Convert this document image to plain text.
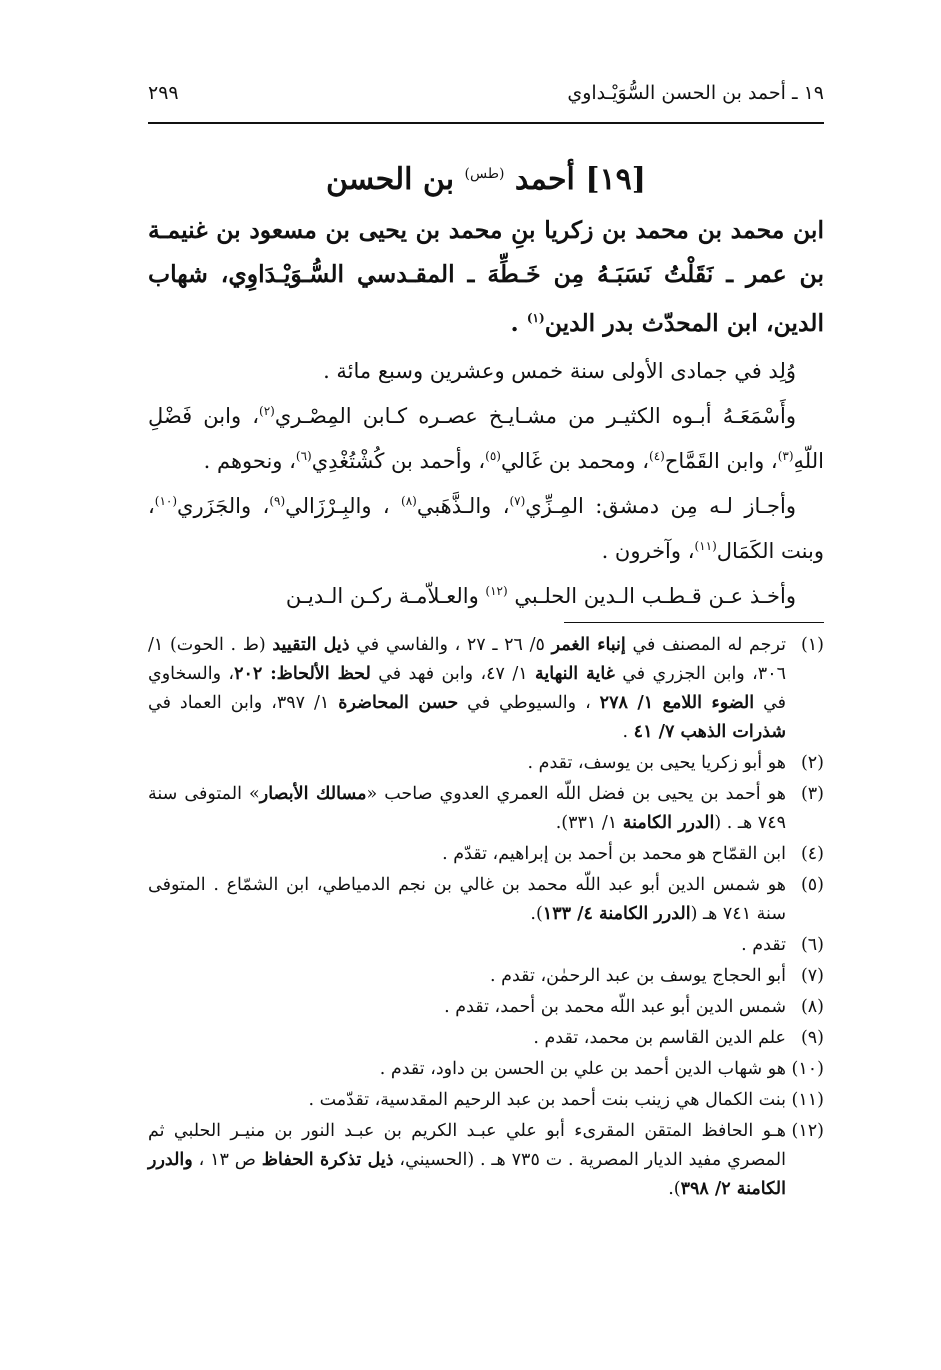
١٩ ـ أحمد بن الحسن السُّوَيْـداوي
٢٩٩
[١٩] أحمد $^{(طس)}$ بن الحسن
ابن محمد بن محمد بن زكريا بنِ محمد بن يحيى بن مسعود بن غنيمـة بن عمر ـ نَقَلْتُ نَسَبَـهُ مِن خَـطِّهَ ـ المقـدسي السُّـوَيْـدَاوِي، شهاب الدين، ابن المحدّث بدر الدين$^{(١)}$ .

وُلِد في جمادى الأولى سنة خمس وعشرين وسبع مائة .

وأَسْمَعَـهُ أبـوه الكثيـر من مشـايـخ عصـره كـابن المِصْـري$^{(٢)}$، وابن فَضْلِ اللّهِ$^{(٣)}$، وابن القَمَّاح$^{(٤)}$، ومحمد بن غَالي$^{(٥)}$، وأحمد بن كُشْتُغْدِي$^{(٦)}$، ونحوهم .

وأجـاز لـه مِن دمشق: المِـزِّي$^{(٧)}$، والـذَّهَبي$^{(٨)}$ ، والبِـرْزَالي$^{(٩)}$، والجَزَري$^{(١٠)}$، وبنت الكَمَال$^{(١١)}$، وآخرون .

وأخـذ عـن قـطـب الـدين الحلـبي $^{(١٢)}$ والعـلاّمـة ركـن الـديـن

(١)
ترجم له المصنف في إنباء الغمر ٥/ ٢٦ ـ ٢٧ ، والفاسي في ذيل التقييد (ط . الحوت) ١/ ٣٠٦، وابن الجزري في غاية النهاية ١/ ٤٧، وابن فهد في لحظ الألحاظ: ٢٠٢، والسخاوي في الضوء اللامع ١/ ٢٧٨ ، والسيوطي في حسن المحاضرة ١/ ٣٩٧، وابن العماد في شذرات الذهب ٧/ ٤١ .
(٢)
هو أبو زكريا يحيى بن يوسف، تقدم .
(٣)
هو أحمد بن يحيى بن فضل اللّه العمري العدوي صاحب «مسالك الأبصار» المتوفى سنة ٧٤٩ هـ . (الدرر الكامنة ١/ ٣٣١).
(٤)
ابن القمّاح هو محمد بن أحمد بن إبراهيم، تقدّم .
(٥)
هو شمس الدين أبو عبد اللّه محمد بن غالي بن نجم الدمياطي، ابن الشمّاع . المتوفى سنة ٧٤١ هـ (الدرر الكامنة ٤/ ١٣٣).
(٦)
تقدم .
(٧)
أبو الحجاج يوسف بن عبد الرحمٰن، تقدم .
(٨)
شمس الدين أبو عبد اللّه محمد بن أحمد، تقدم .
(٩)
علم الدين القاسم بن محمد، تقدم .
(١٠)
هو شهاب الدين أحمد بن علي بن الحسن بن داود، تقدم .
(١١)
بنت الكمال هي زينب بنت أحمد بن عبد الرحيم المقدسية، تقدّمت .
(١٢)
هـو الحافظ المتقن المقرىء أبو علي عبـد الكريم بن عبـد النور بن منيـر الحلبي ثم المصري مفيد الديار المصرية . ت ٧٣٥ هـ . (الحسيني، ذيل تذكرة الحفاظ ص ١٣ ، والدرر الكامنة ٢/ ٣٩٨).
